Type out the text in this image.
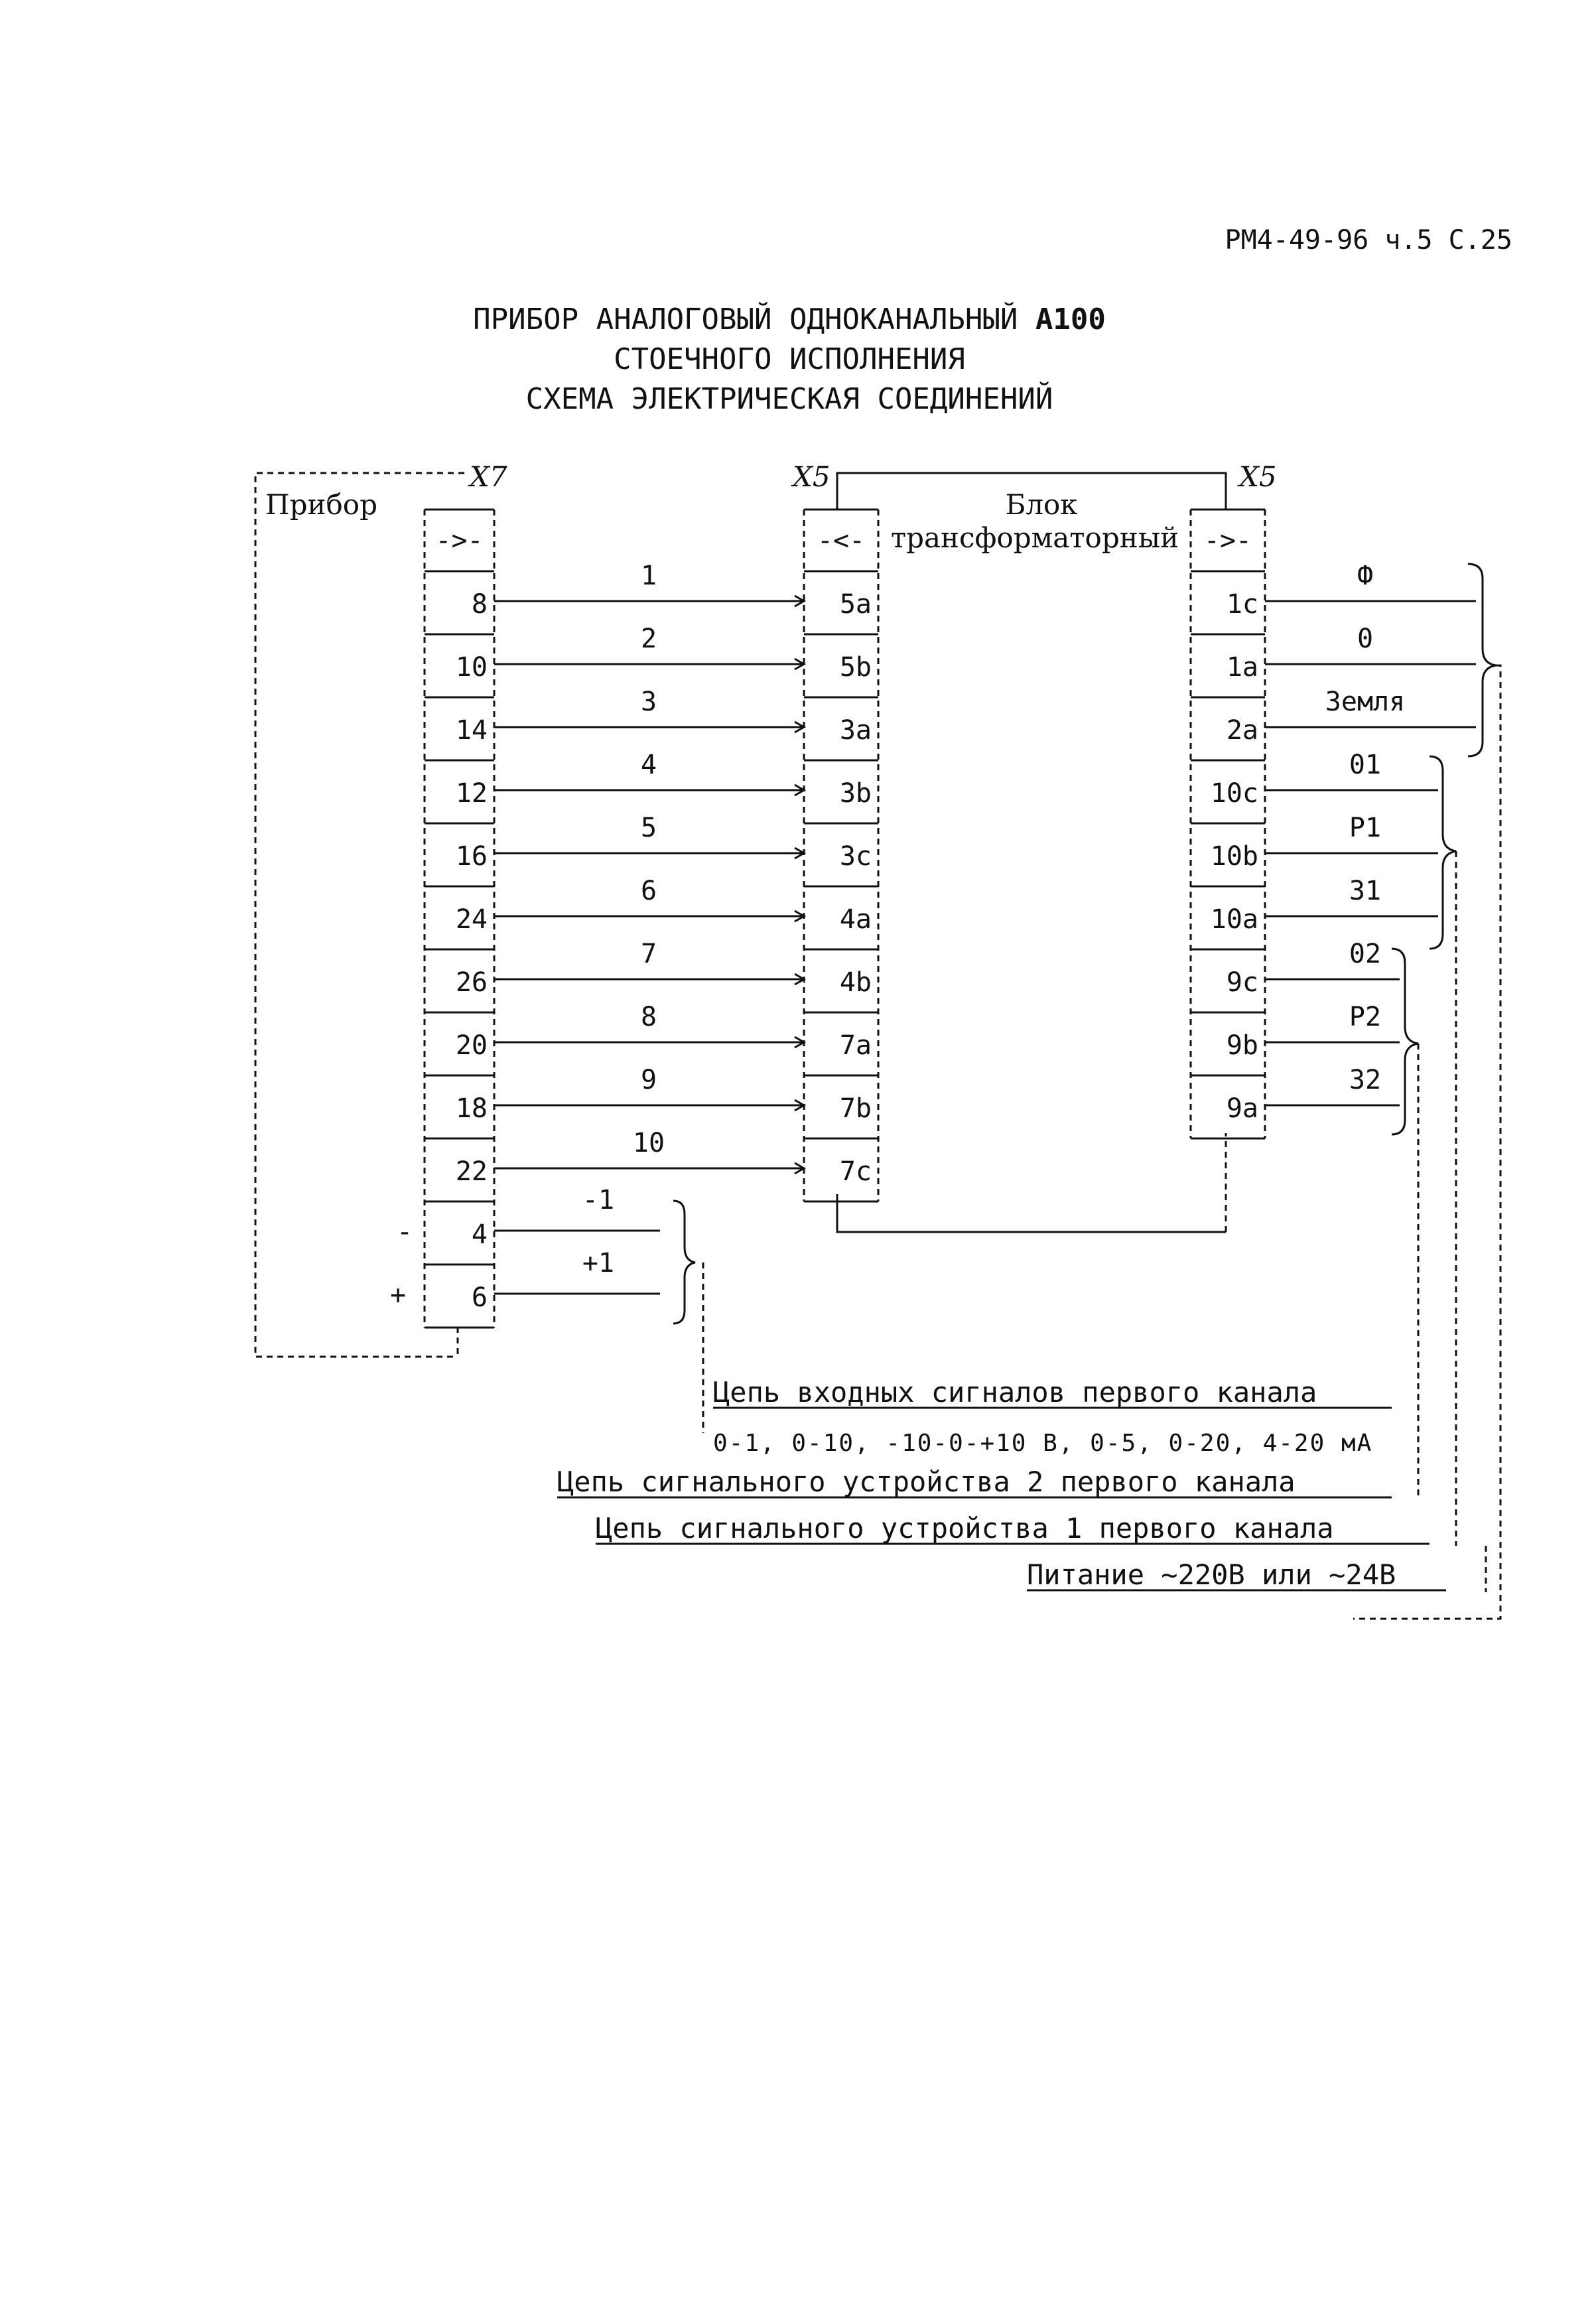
РМ4-49-96 ч.5 С.25
ПРИБОР АНАЛОГОВЫЙ ОДНОКАНАЛЬНЫЙ А100
СТОЕЧНОГО ИСПОЛНЕНИЯ
СХЕМА ЭЛЕКТРИЧЕСКАЯ СОЕДИНЕНИЙ
Прибор
X7	X5	X5
Блок
трансформаторный
->-
8
10
14
12
16
24
26
20
18
22
4
6
-<-
5a
5b
3a
3b
3c
4a
4b
7a
7b
7c
->-
1c
1a
2a
10c
10b
10a
9c
9b
9a
1
2
3
4
5
6
7
8
9
10
-1
+1
-
+
Ф
0
Земля
01
P1
31
02
P2
32
Цепь входных сигналов первого канала
0-1, 0-10, -10-0-+10 В, 0-5, 0-20, 4-20 мА
Цепь сигнального устройства 2 первого канала
Цепь сигнального устройства 1 первого канала
Питание ~220В или ~24В
